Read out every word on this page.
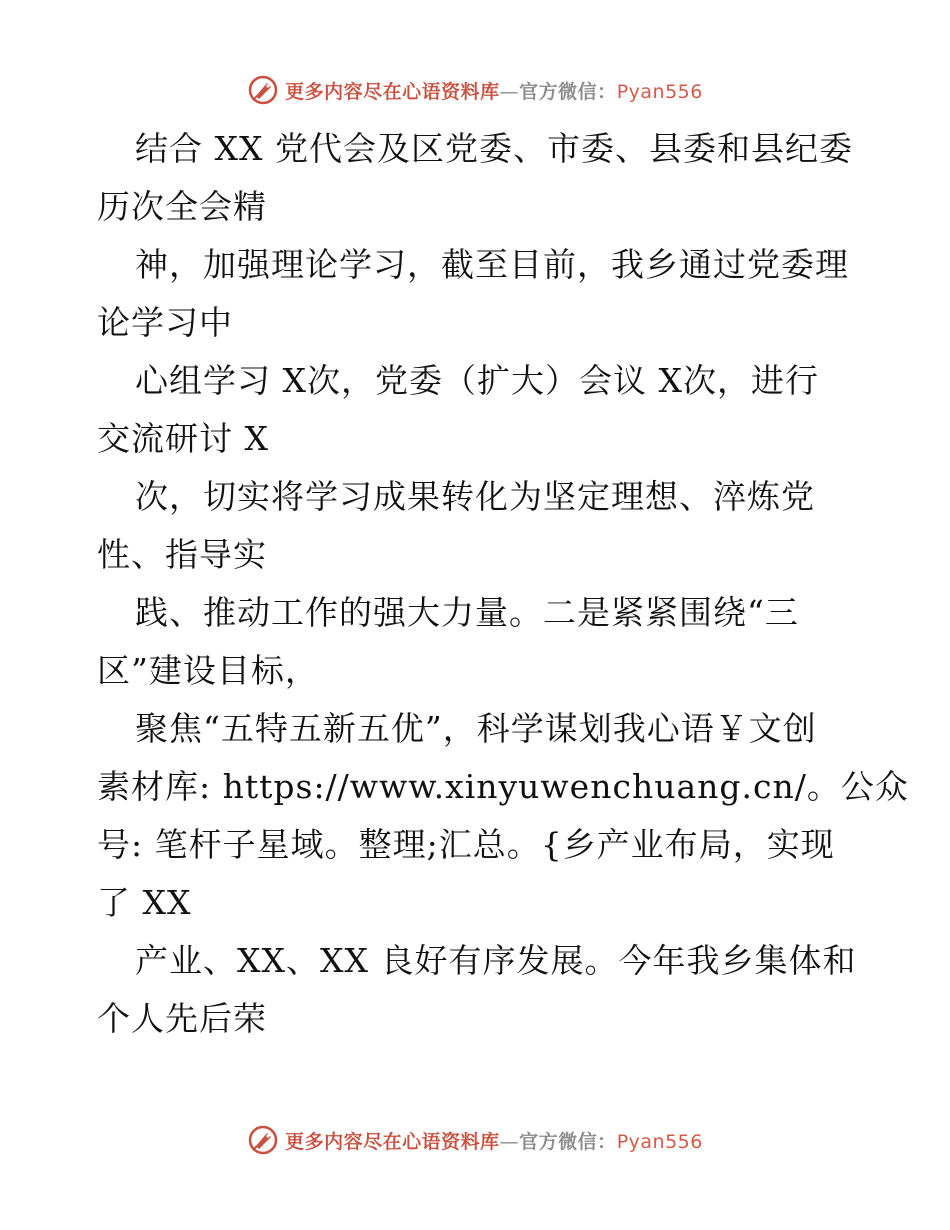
更多内容尽在心语资料库—官方微信：Pyan556
结合 XX 党代会及区党委、市委、县委和县纪委
历次全会精
神，加强理论学习，截至目前，我乡通过党委理
论学习中
心组学习 X次，党委（扩大）会议 X次，进行
交流研讨 X
次，切实将学习成果转化为坚定理想、淬炼党
性、指导实
践、推动工作的强大力量。二是紧紧围绕“三
区”建设目标，
聚焦“五特五新五优”，科学谋划我心语￥文创
素材库: https://www.xinyuwenchuang.cn/。公众
号: 笔杆子星域。整理;汇总。{乡产业布局，实现
了 XX
产业、XX、XX 良好有序发展。今年我乡集体和
个人先后荣
更多内容尽在心语资料库—官方微信：Pyan556
